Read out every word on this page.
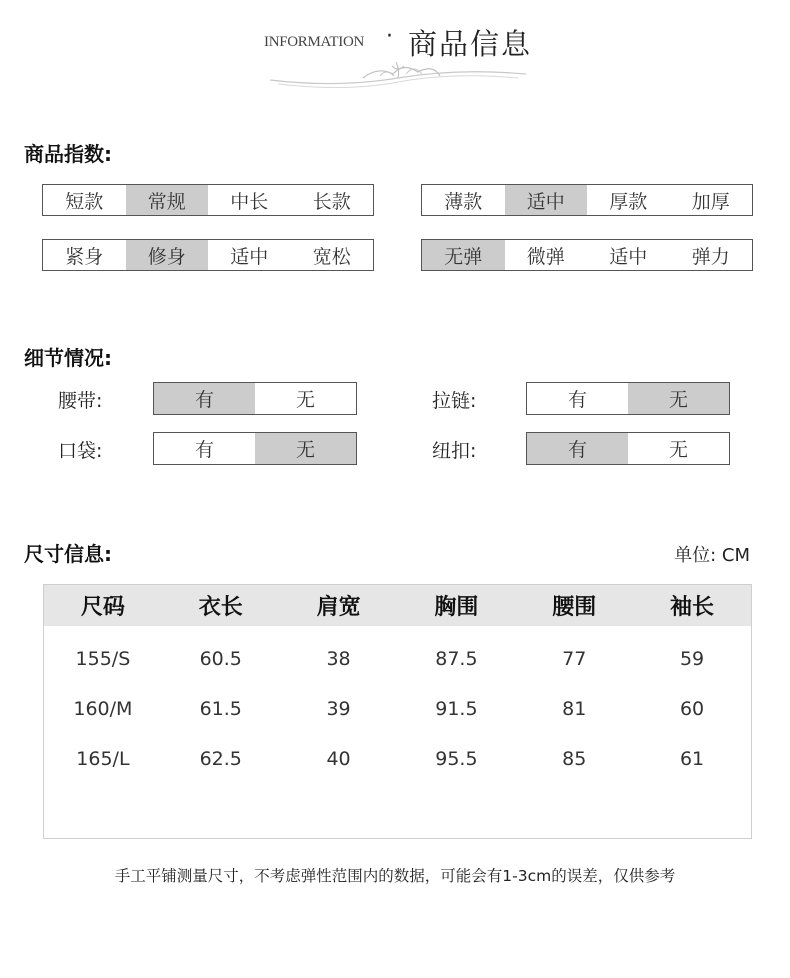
INFORMATION · 商品信息
商品指数:
短款	常规	中长	长款	薄款	适中	厚款	加厚
紧身	修身	适中	宽松	无弹	微弹	适中	弹力
细节情况:
腰带:	有	无	拉链:	有	无
口袋:	有	无	纽扣:	有	无
尺寸信息:	单位: CM
尺码	衣长	肩宽	胸围	腰围	袖长
155/S	60.5	38	87.5	77	59
160/M	61.5	39	91.5	81	60
165/L	62.5	40	95.5	85	61
手工平铺测量尺寸，不考虑弹性范围内的数据，可能会有1-3cm的误差，仅供参考
